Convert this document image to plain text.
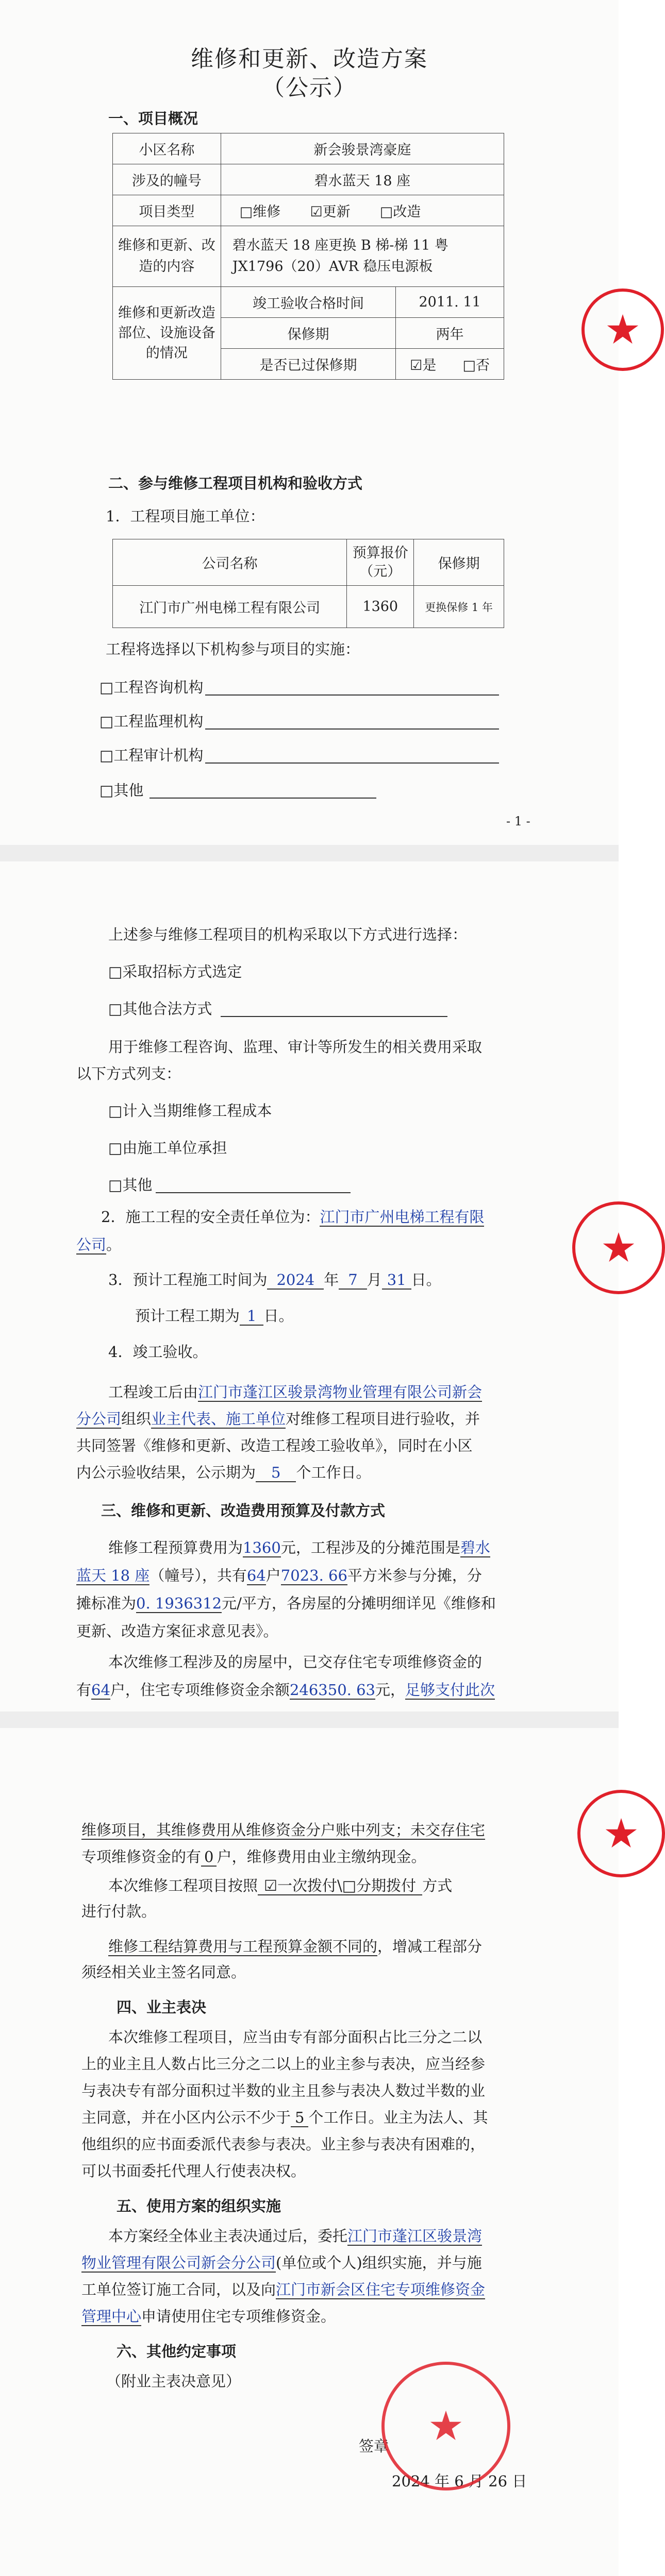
维修和更新、改造方案
（公示）
一、项目概况
小区名称	新会骏景湾豪庭	
涉及的幢号	碧水蓝天 18 座	
项目类型	□维修 ☑更新 □改造	
维修和更新、改造的内容	碧水蓝天 18 座更换 B 梯-梯 11 粤 JX1796（20）AVR 稳压电源板	
维修和更新改造部位、设施设备的情况	竣工验收合格时间	2011. 11
	保修期	两年
	是否已过保修期	☑是 □否
二、参与维修工程项目机构和验收方式
1．工程项目施工单位：
公司名称	预算报价（元）	保修期
江门市广州电梯工程有限公司	1360	更换保修 1 年
工程将选择以下机构参与项目的实施：
□工程咨询机构
□工程监理机构
□工程审计机构
□其他
- 1 -
★
上述参与维修工程项目的机构采取以下方式进行选择：
□采取招标方式选定
□其他合法方式
用于维修工程咨询、监理、审计等所发生的相关费用采取
以下方式列支：
□计入当期维修工程成本
□由施工单位承担
□其他
2．施工工程的安全责任单位为：江门市广州电梯工程有限
公司。
3．预计工程施工时间为 2024 年 7 月 31 日。
预计工程工期为 1 日。
4．竣工验收。
工程竣工后由江门市蓬江区骏景湾物业管理有限公司新会
分公司组织业主代表、施工单位对维修工程项目进行验收，并
共同签署《维修和更新、改造工程竣工验收单》，同时在小区
内公示验收结果，公示期为 5 个工作日。
三、维修和更新、改造费用预算及付款方式
维修工程预算费用为1360元，工程涉及的分摊范围是碧水
蓝天 18 座（幢号），共有64户7023. 66平方米参与分摊，分
摊标准为0. 1936312元/平方，各房屋的分摊明细详见《维修和
更新、改造方案征求意见表》。
本次维修工程涉及的房屋中，已交存住宅专项维修资金的
有64户，住宅专项维修资金余额246350. 63元，足够支付此次
★
维修项目，其维修费用从维修资金分户账中列支；未交存住宅
专项维修资金的有 0 户，维修费用由业主缴纳现金。
本次维修工程项目按照 ☑一次拨付\□分期拨付 方式
进行付款。
维修工程结算费用与工程预算金额不同的，增减工程部分
须经相关业主签名同意。
四、业主表决
本次维修工程项目，应当由专有部分面积占比三分之二以
上的业主且人数占比三分之二以上的业主参与表决，应当经参
与表决专有部分面积过半数的业主且参与表决人数过半数的业
主同意，并在小区内公示不少于 5 个工作日。业主为法人、其
他组织的应书面委派代表参与表决。业主参与表决有困难的，
可以书面委托代理人行使表决权。
五、使用方案的组织实施
本方案经全体业主表决通过后，委托江门市蓬江区骏景湾
物业管理有限公司新会分公司(单位或个人)组织实施，并与施
工单位签订施工合同，以及向江门市新会区住宅专项维修资金
管理中心申请使用住宅专项维修资金。
六、其他约定事项
（附业主表决意见）
签章
2024 年 6 月 26 日
★
★
